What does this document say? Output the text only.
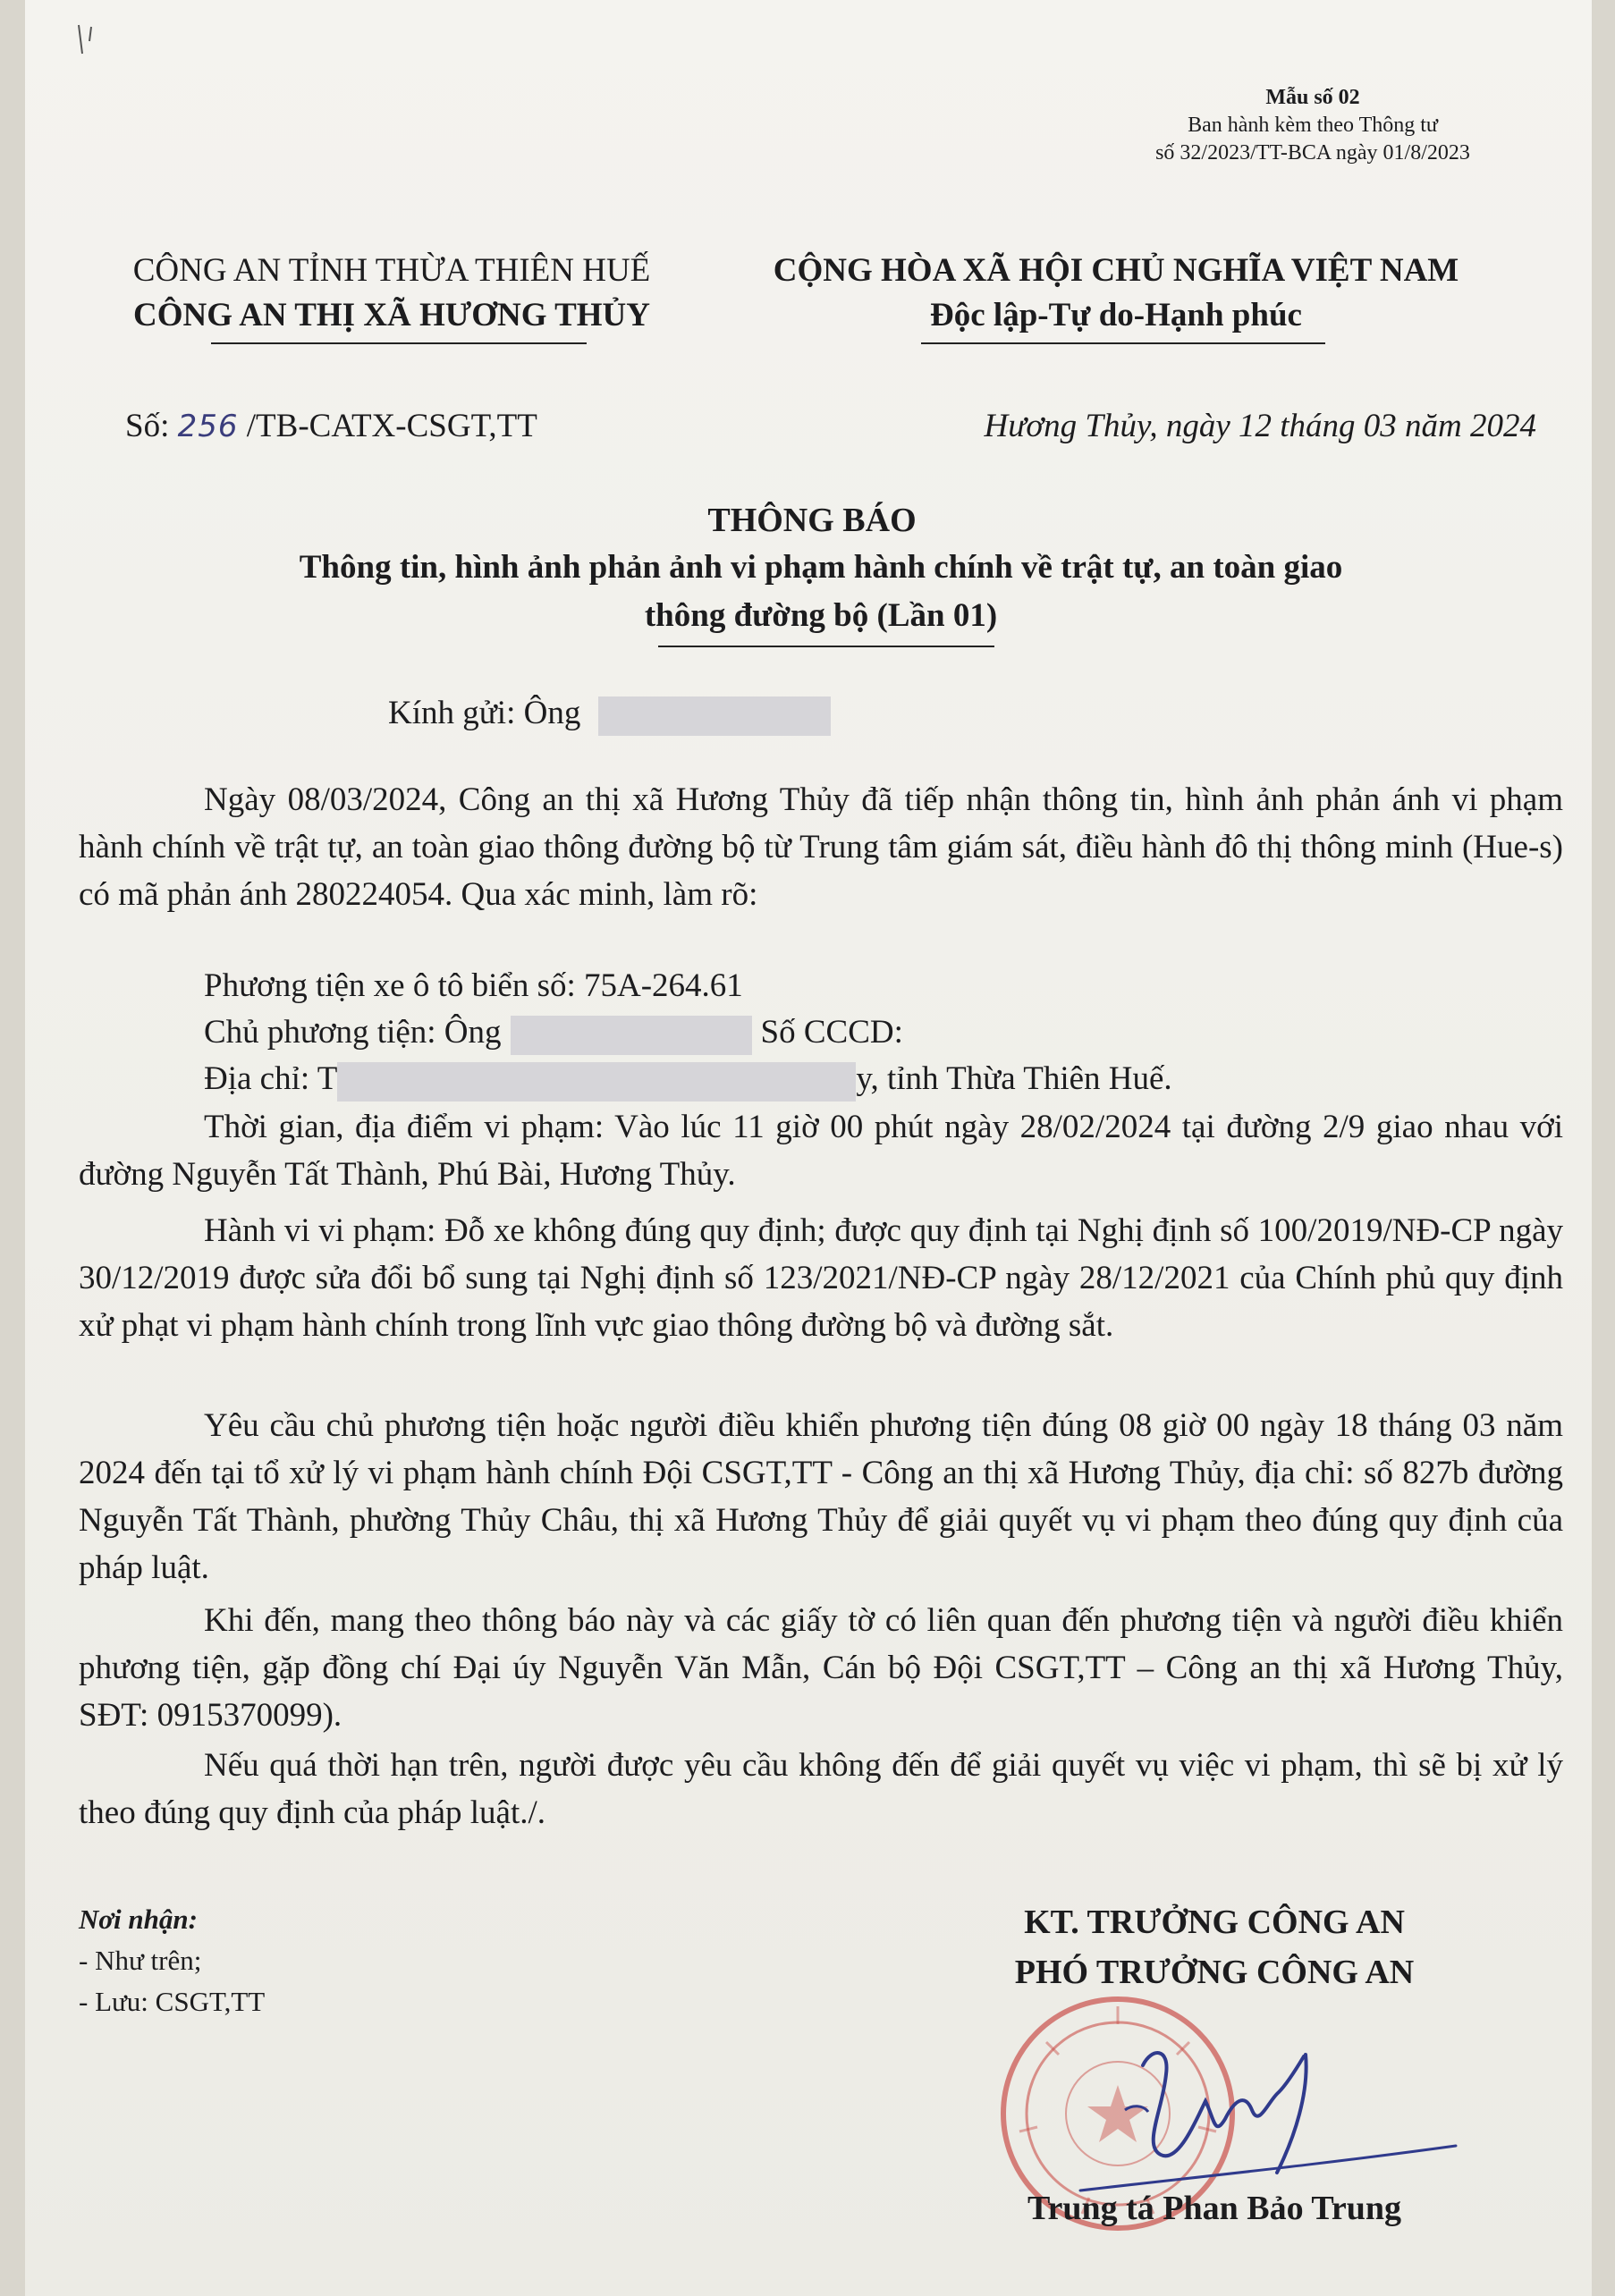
Mẫu số 02
Ban hành kèm theo Thông tư
số 32/2023/TT-BCA ngày 01/8/2023
CÔNG AN TỈNH THỪA THIÊN HUẾ
CÔNG AN THỊ XÃ HƯƠNG THỦY
CỘNG HÒA XÃ HỘI CHỦ NGHĨA VIỆT NAM
Độc lập-Tự do-Hạnh phúc
Số: 256 /TB-CATX-CSGT,TT	Hương Thủy, ngày 12 tháng 03 năm 2024
THÔNG BÁO
Thông tin, hình ảnh phản ảnh vi phạm hành chính về trật tự, an toàn giao thông đường bộ (Lần 01)
Kính gửi: Ông
Ngày 08/03/2024, Công an thị xã Hương Thủy đã tiếp nhận thông tin, hình ảnh phản ánh vi phạm hành chính về trật tự, an toàn giao thông đường bộ từ Trung tâm giám sát, điều hành đô thị thông minh (Hue-s) có mã phản ánh 280224054. Qua xác minh, làm rõ:
Phương tiện xe ô tô biển số: 75A-264.61
Chủ phương tiện: Ông	Số CCCD:
Địa chỉ: T	y, tỉnh Thừa Thiên Huế.
Thời gian, địa điểm vi phạm: Vào lúc 11 giờ 00 phút ngày 28/02/2024 tại đường 2/9 giao nhau với đường Nguyễn Tất Thành, Phú Bài, Hương Thủy.
Hành vi vi phạm: Đỗ xe không đúng quy định; được quy định tại Nghị định số 100/2019/NĐ-CP ngày 30/12/2019 được sửa đổi bổ sung tại Nghị định số 123/2021/NĐ-CP ngày 28/12/2021 của Chính phủ quy định xử phạt vi phạm hành chính trong lĩnh vực giao thông đường bộ và đường sắt.
Yêu cầu chủ phương tiện hoặc người điều khiển phương tiện đúng 08 giờ 00 ngày 18 tháng 03 năm 2024 đến tại tổ xử lý vi phạm hành chính Đội CSGT,TT - Công an thị xã Hương Thủy, địa chỉ: số 827b đường Nguyễn Tất Thành, phường Thủy Châu, thị xã Hương Thủy để giải quyết vụ vi phạm theo đúng quy định của pháp luật.
Khi đến, mang theo thông báo này và các giấy tờ có liên quan đến phương tiện và người điều khiển phương tiện, gặp đồng chí Đại úy Nguyễn Văn Mẫn, Cán bộ Đội CSGT,TT – Công an thị xã Hương Thủy, SĐT: 0915370099).
Nếu quá thời hạn trên, người được yêu cầu không đến để giải quyết vụ việc vi phạm, thì sẽ bị xử lý theo đúng quy định của pháp luật./.
Nơi nhận:
- Như trên;
- Lưu: CSGT,TT
KT. TRƯỞNG CÔNG AN
PHÓ TRƯỞNG CÔNG AN
Trung tá Phan Bảo Trung
